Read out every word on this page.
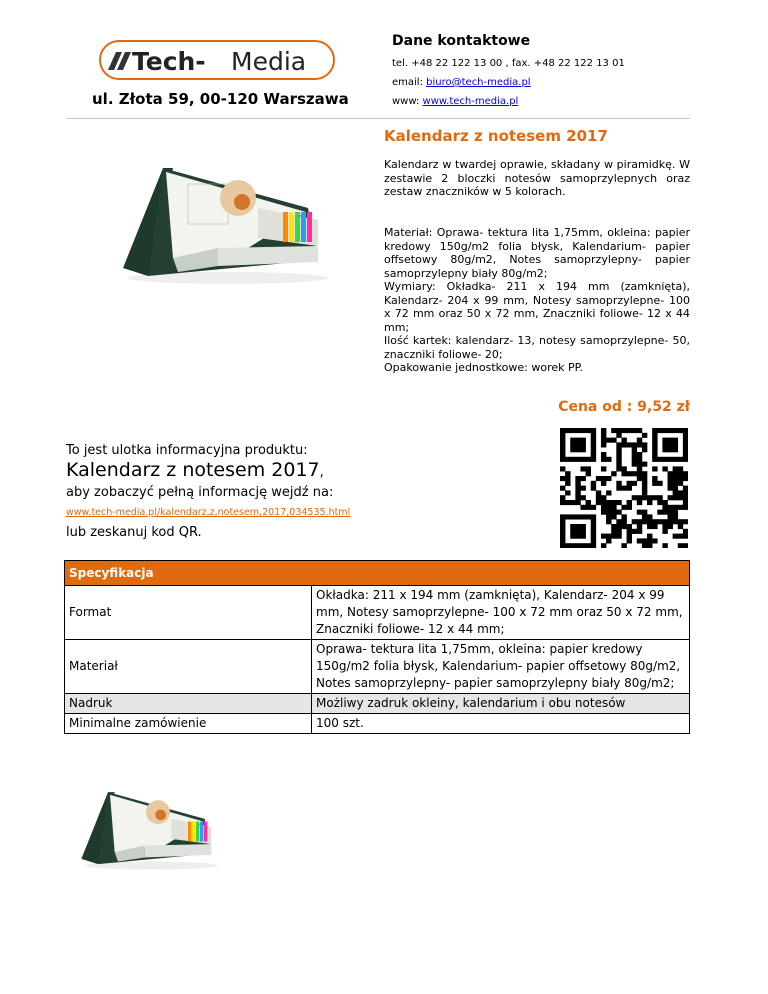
Tech- Media
ul. Złota 59, 00-120 Warszawa
Dane kontaktowe
tel. +48 22 122 13 00 , fax. +48 22 122 13 01
email: biuro@tech-media.pl
www: www.tech-media.pl
Kalendarz z notesem 2017

Kalendarz w twardej oprawie, składany w piramidkę. W zestawie 2 bloczki notesów samoprzylepnych oraz zestaw znaczników w 5 kolorach.

Materiał: Oprawa- tektura lita 1,75mm, okleina: papier kredowy 150g/m2 folia błysk, Kalendarium- papier offsetowy 80g/m2, Notes samoprzylepny- papier samoprzylepny biały 80g/m2;

Wymiary: Okładka- 211 x 194 mm (zamknięta), Kalendarz- 204 x 99 mm, Notesy samoprzylepne- 100 x 72 mm oraz 50 x 72 mm, Znaczniki foliowe- 12 x 44 mm;

Ilość kartek: kalendarz- 13, notesy samoprzylepne- 50, znaczniki foliowe- 20;

Opakowanie jednostkowe: worek PP.

Cena od : 9,52 zł
To jest ulotka informacyjna produktu:
Kalendarz z notesem 2017,
aby zobaczyć pełną informację wejdź na:
www.tech-media.pl/kalendarz,z,notesem,2017,034535.html
lub zeskanuj kod QR.
Specyfikacja	
Format	Okładka: 211 x 194 mm (zamknięta), Kalendarz- 204 x 99 mm, Notesy samoprzylepne- 100 x 72 mm oraz 50 x 72 mm, Znaczniki foliowe- 12 x 44 mm;
Materiał	Oprawa- tektura lita 1,75mm, okleina: papier kredowy 150g/m2 folia błysk, Kalendarium- papier offsetowy 80g/m2, Notes samoprzylepny- papier samoprzylepny biały 80g/m2;
Nadruk	Możliwy zadruk okleiny, kalendarium i obu notesów
Minimalne zamówienie	100 szt.
